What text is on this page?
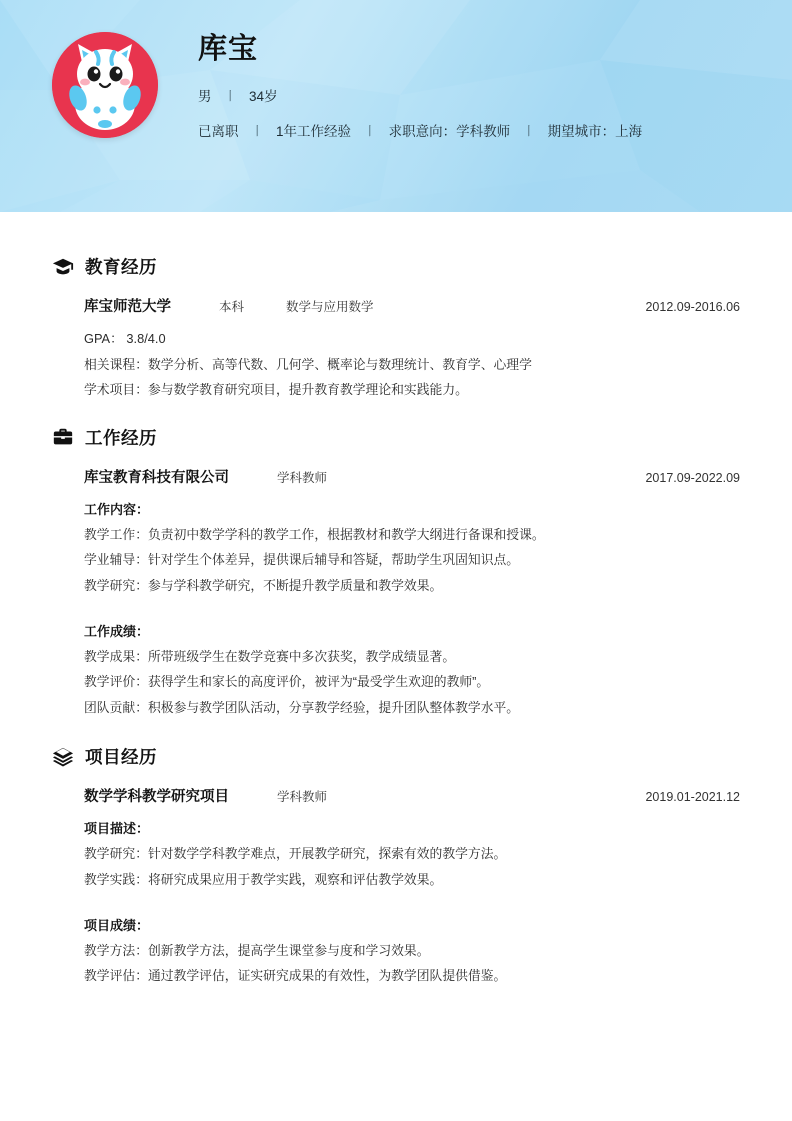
库宝
男 丨 34岁
已离职 丨 1年工作经验 丨 求职意向：学科教师 丨 期望城市：上海
教育经历
库宝师范大学	本科	数学与应用数学	2012.09-2016.06
GPA： 3.8/4.0
相关课程：数学分析、高等代数、几何学、概率论与数理统计、教育学、心理学
学术项目：参与数学教育研究项目，提升教育教学理论和实践能力。
工作经历
库宝教育科技有限公司	学科教师	2017.09-2022.09
工作内容：
教学工作：负责初中数学学科的教学工作，根据教材和教学大纲进行备课和授课。
学业辅导：针对学生个体差异，提供课后辅导和答疑，帮助学生巩固知识点。
教学研究：参与学科教学研究，不断提升教学质量和教学效果。
工作成绩：
教学成果：所带班级学生在数学竞赛中多次获奖，教学成绩显著。
教学评价：获得学生和家长的高度评价，被评为“最受学生欢迎的教师”。
团队贡献：积极参与教学团队活动，分享教学经验，提升团队整体教学水平。
项目经历
数学学科教学研究项目	学科教师	2019.01-2021.12
项目描述：
教学研究：针对数学学科教学难点，开展教学研究，探索有效的教学方法。
教学实践：将研究成果应用于教学实践，观察和评估教学效果。
项目成绩：
教学方法：创新教学方法，提高学生课堂参与度和学习效果。
教学评估：通过教学评估，证实研究成果的有效性，为教学团队提供借鉴。
